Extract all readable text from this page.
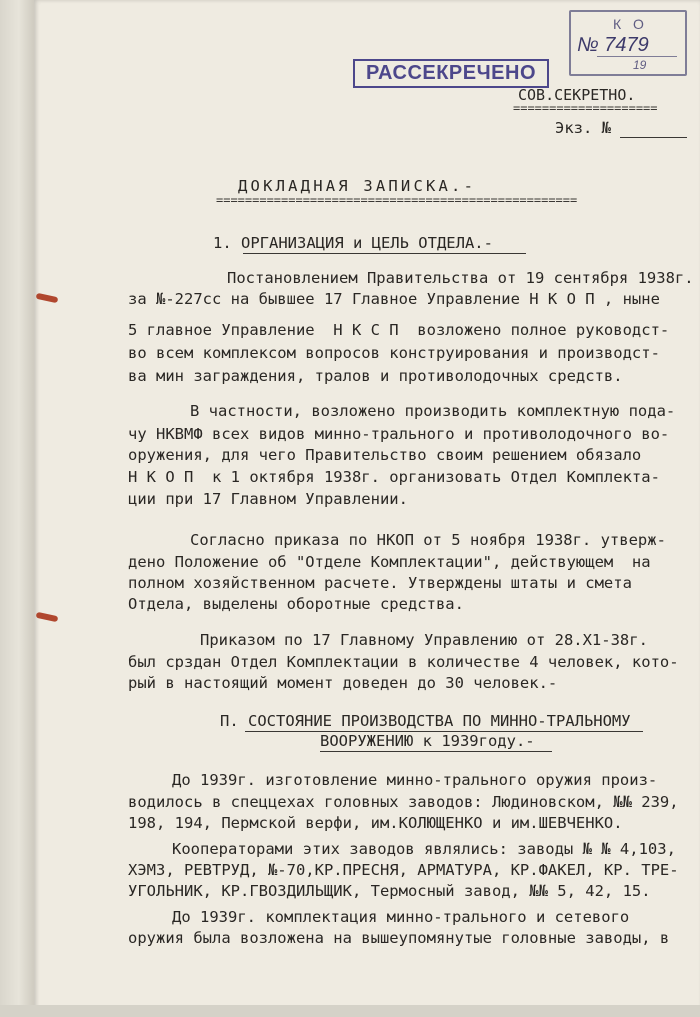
К О
№ 7479
19
РАССЕКРЕЧЕНО
СОВ.СЕКРЕТНО.
====================
Экз. №
ДОКЛАДНАЯ ЗАПИСКА.-
==================================================
1. ОРГАНИЗАЦИЯ и ЦЕЛЬ ОТДЕЛА.-
Постановлением Правительства от 19 сентября 1938г.
за №-227сс на бывшее 17 Главное Управление Н К О П , ныне
5 главное Управление  Н К С П  возложено полное руководст-
во всем комплексом вопросов конструирования и производст-
ва мин заграждения, тралов и противолодочных средств.
В частности, возложено производить комплектную пода-
чу НКВМФ всех видов минно-трального и противолодочного во-
оружения, для чего Правительство своим решением обязало
Н К О П  к 1 октября 1938г. организовать Отдел Комплекта-
ции при 17 Главном Управлении.
Согласно приказа по НКОП от 5 ноября 1938г. утверж-
дено Положение об "Отделе Комплектации", действующем  на
полном хозяйственном расчете. Утверждены штаты и смета
Отдела, выделены оборотные средства.
Приказом по 17 Главному Управлению от 28.Х1-38г.
был срздан Отдел Комплектации в количестве 4 человек, кото-
рый в настоящий момент доведен до 30 человек.-
П. СОСТОЯНИЕ ПРОИЗВОДСТВА ПО МИННО-ТРАЛЬНОМУ
ВООРУЖЕНИЮ к 1939году.-
До 1939г. изготовление минно-трального оружия произ-
водилось в спеццехах головных заводов: Людиновском, №№ 239,
198, 194, Пермской верфи, им.КОЛЮЩЕНКО и им.ШЕВЧЕНКО.
Кооператорами этих заводов являлись: заводы № № 4,103,
ХЭМЗ, РЕВТРУД, №-70,КР.ПРЕСНЯ, АРМАТУРА, КР.ФАКЕЛ, КР. ТРЕ-
УГОЛЬНИК, КР.ГВОЗДИЛЬЩИК, Термосный завод, №№ 5, 42, 15.
До 1939г. комплектация минно-трального и сетевого
оружия была возложена на вышеупомянутые головные заводы, в
